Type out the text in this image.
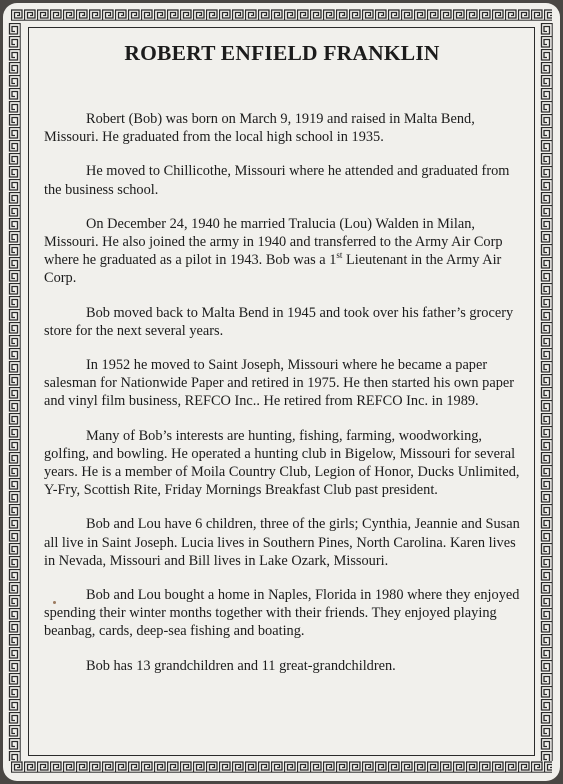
ROBERT ENFIELD FRANKLIN

Robert (Bob) was born on March 9, 1919 and raised in Malta Bend, Missouri. He graduated from the local high school in 1935.

He moved to Chillicothe, Missouri where he attended and graduated from the business school.

On December 24, 1940 he married Tralucia (Lou) Walden in Milan, Missouri. He also joined the army in 1940 and transferred to the Army Air Corp where he graduated as a pilot in 1943. Bob was a 1st Lieutenant in the Army Air Corp.

Bob moved back to Malta Bend in 1945 and took over his father’s grocery store for the next several years.

In 1952 he moved to Saint Joseph, Missouri where he became a paper salesman for Nationwide Paper and retired in 1975. He then started his own paper and vinyl film business, REFCO Inc.. He retired from REFCO Inc. in 1989.

Many of Bob’s interests are hunting, fishing, farming, woodworking, golfing, and bowling. He operated a hunting club in Bigelow, Missouri for several years. He is a member of Moila Country Club, Legion of Honor, Ducks Unlimited, Y-Fry, Scottish Rite, Friday Mornings Breakfast Club past president.

Bob and Lou have 6 children, three of the girls; Cynthia, Jeannie and Susan all live in Saint Joseph. Lucia lives in Southern Pines, North Carolina. Karen lives in Nevada, Missouri and Bill lives in Lake Ozark, Missouri.

Bob and Lou bought a home in Naples, Florida in 1980 where they enjoyed spending their winter months together with their friends. They enjoyed playing beanbag, cards, deep-sea fishing and boating.

Bob has 13 grandchildren and 11 great-grandchildren.
